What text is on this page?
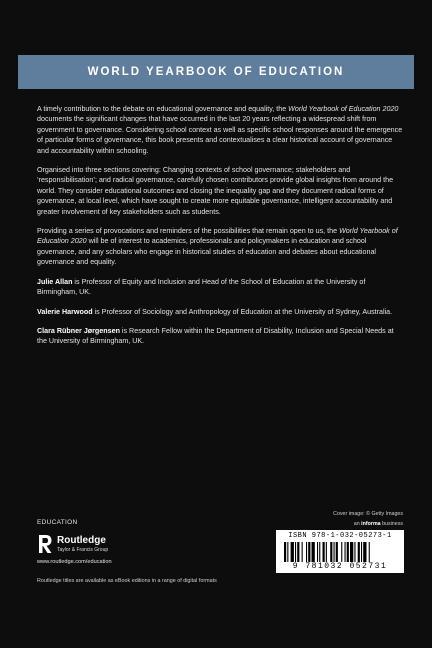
WORLD YEARBOOK OF EDUCATION

A timely contribution to the debate on educational governance and equality, the World Yearbook of Education 2020 documents the significant changes that have occurred in the last 20 years reflecting a widespread shift from government to governance. Considering school context as well as specific school responses around the emergence of particular forms of governance, this book presents and contextualises a clear historical account of governance and accountability within schooling.

Organised into three sections covering: Changing contexts of school governance; stakeholders and ‘responsibilisation’; and radical governance, carefully chosen contributors provide global insights from around the world. They consider educational outcomes and closing the inequality gap and they document radical forms of governance, at local level, which have sought to create more equitable governance, intelligent accountability and greater involvement of key stakeholders such as students.

Providing a series of provocations and reminders of the possibilities that remain open to us, the World Yearbook of Education 2020 will be of interest to academics, professionals and policymakers in education and school governance, and any scholars who engage in historical studies of education and debates about educational governance and equality.

Julie Allan is Professor of Equity and Inclusion and Head of the School of Education at the University of Birmingham, UK.

Valerie Harwood is Professor of Sociology and Anthropology of Education at the University of Sydney, Australia.

Clara Rübner Jørgensen is Research Fellow within the Department of Disability, Inclusion and Special Needs at the University of Birmingham, UK.

EDUCATION
Routledge
Taylor & Francis Group
www.routledge.com/education
Routledge titles are available as eBook editions in a range of digital formats
Cover image: © Getty Images
an informa business
ISBN 978-1-032-05273-1
9 781032 052731
